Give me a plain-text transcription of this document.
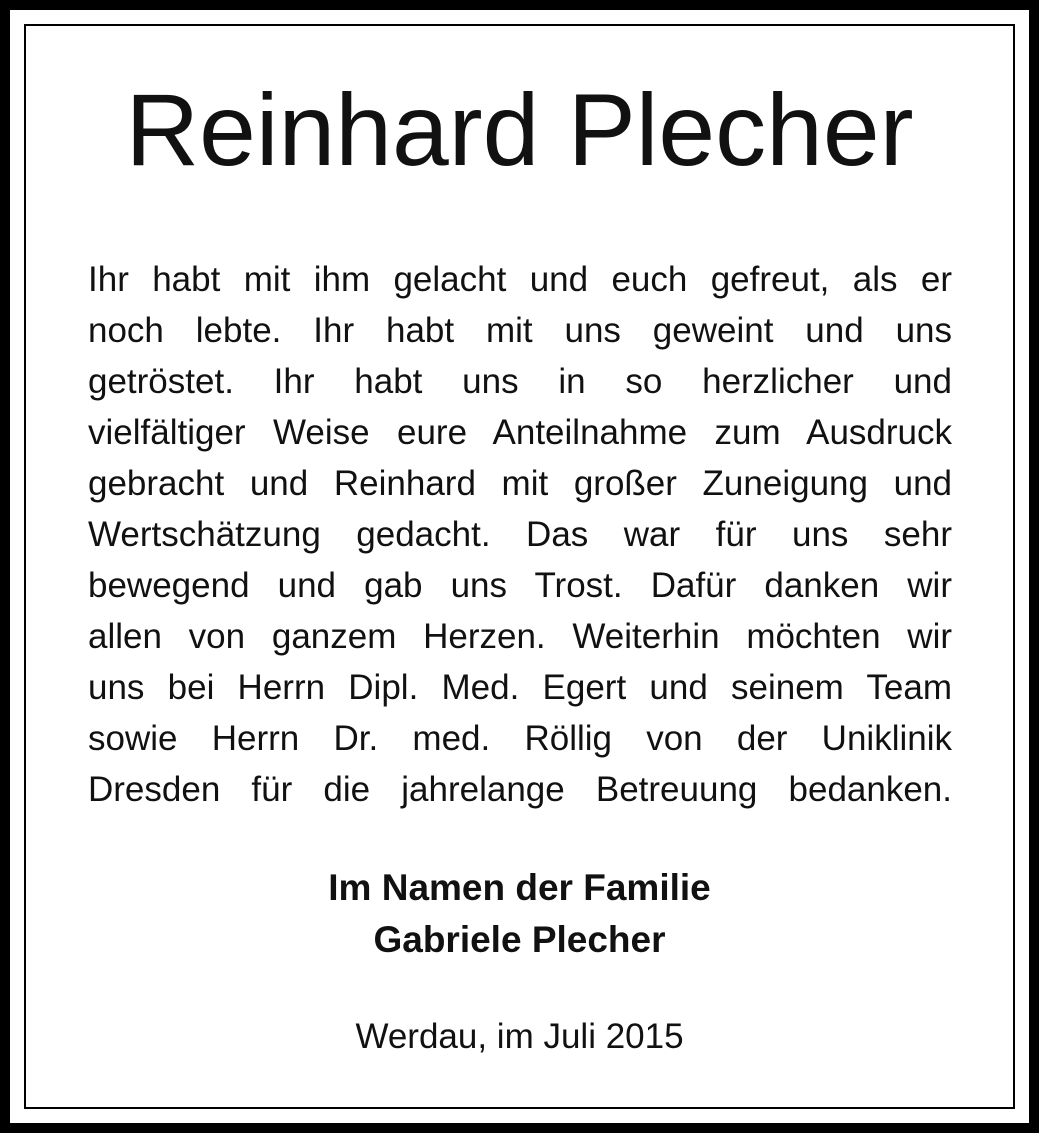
Reinhard Plecher
Ihr habt mit ihm gelacht und euch gefreut, als er
noch lebte. Ihr habt mit uns geweint und uns
getröstet. Ihr habt uns in so herzlicher und
vielfältiger Weise eure Anteilnahme zum Ausdruck
gebracht und Reinhard mit großer Zuneigung und
Wertschätzung gedacht. Das war für uns sehr
bewegend und gab uns Trost. Dafür danken wir
allen von ganzem Herzen. Weiterhin möchten wir
uns bei Herrn Dipl. Med. Egert und seinem Team
sowie Herrn Dr. med. Röllig von der Uniklinik
Dresden für die jahrelange Betreuung bedanken.
Im Namen der Familie
Gabriele Plecher
Werdau, im Juli 2015
